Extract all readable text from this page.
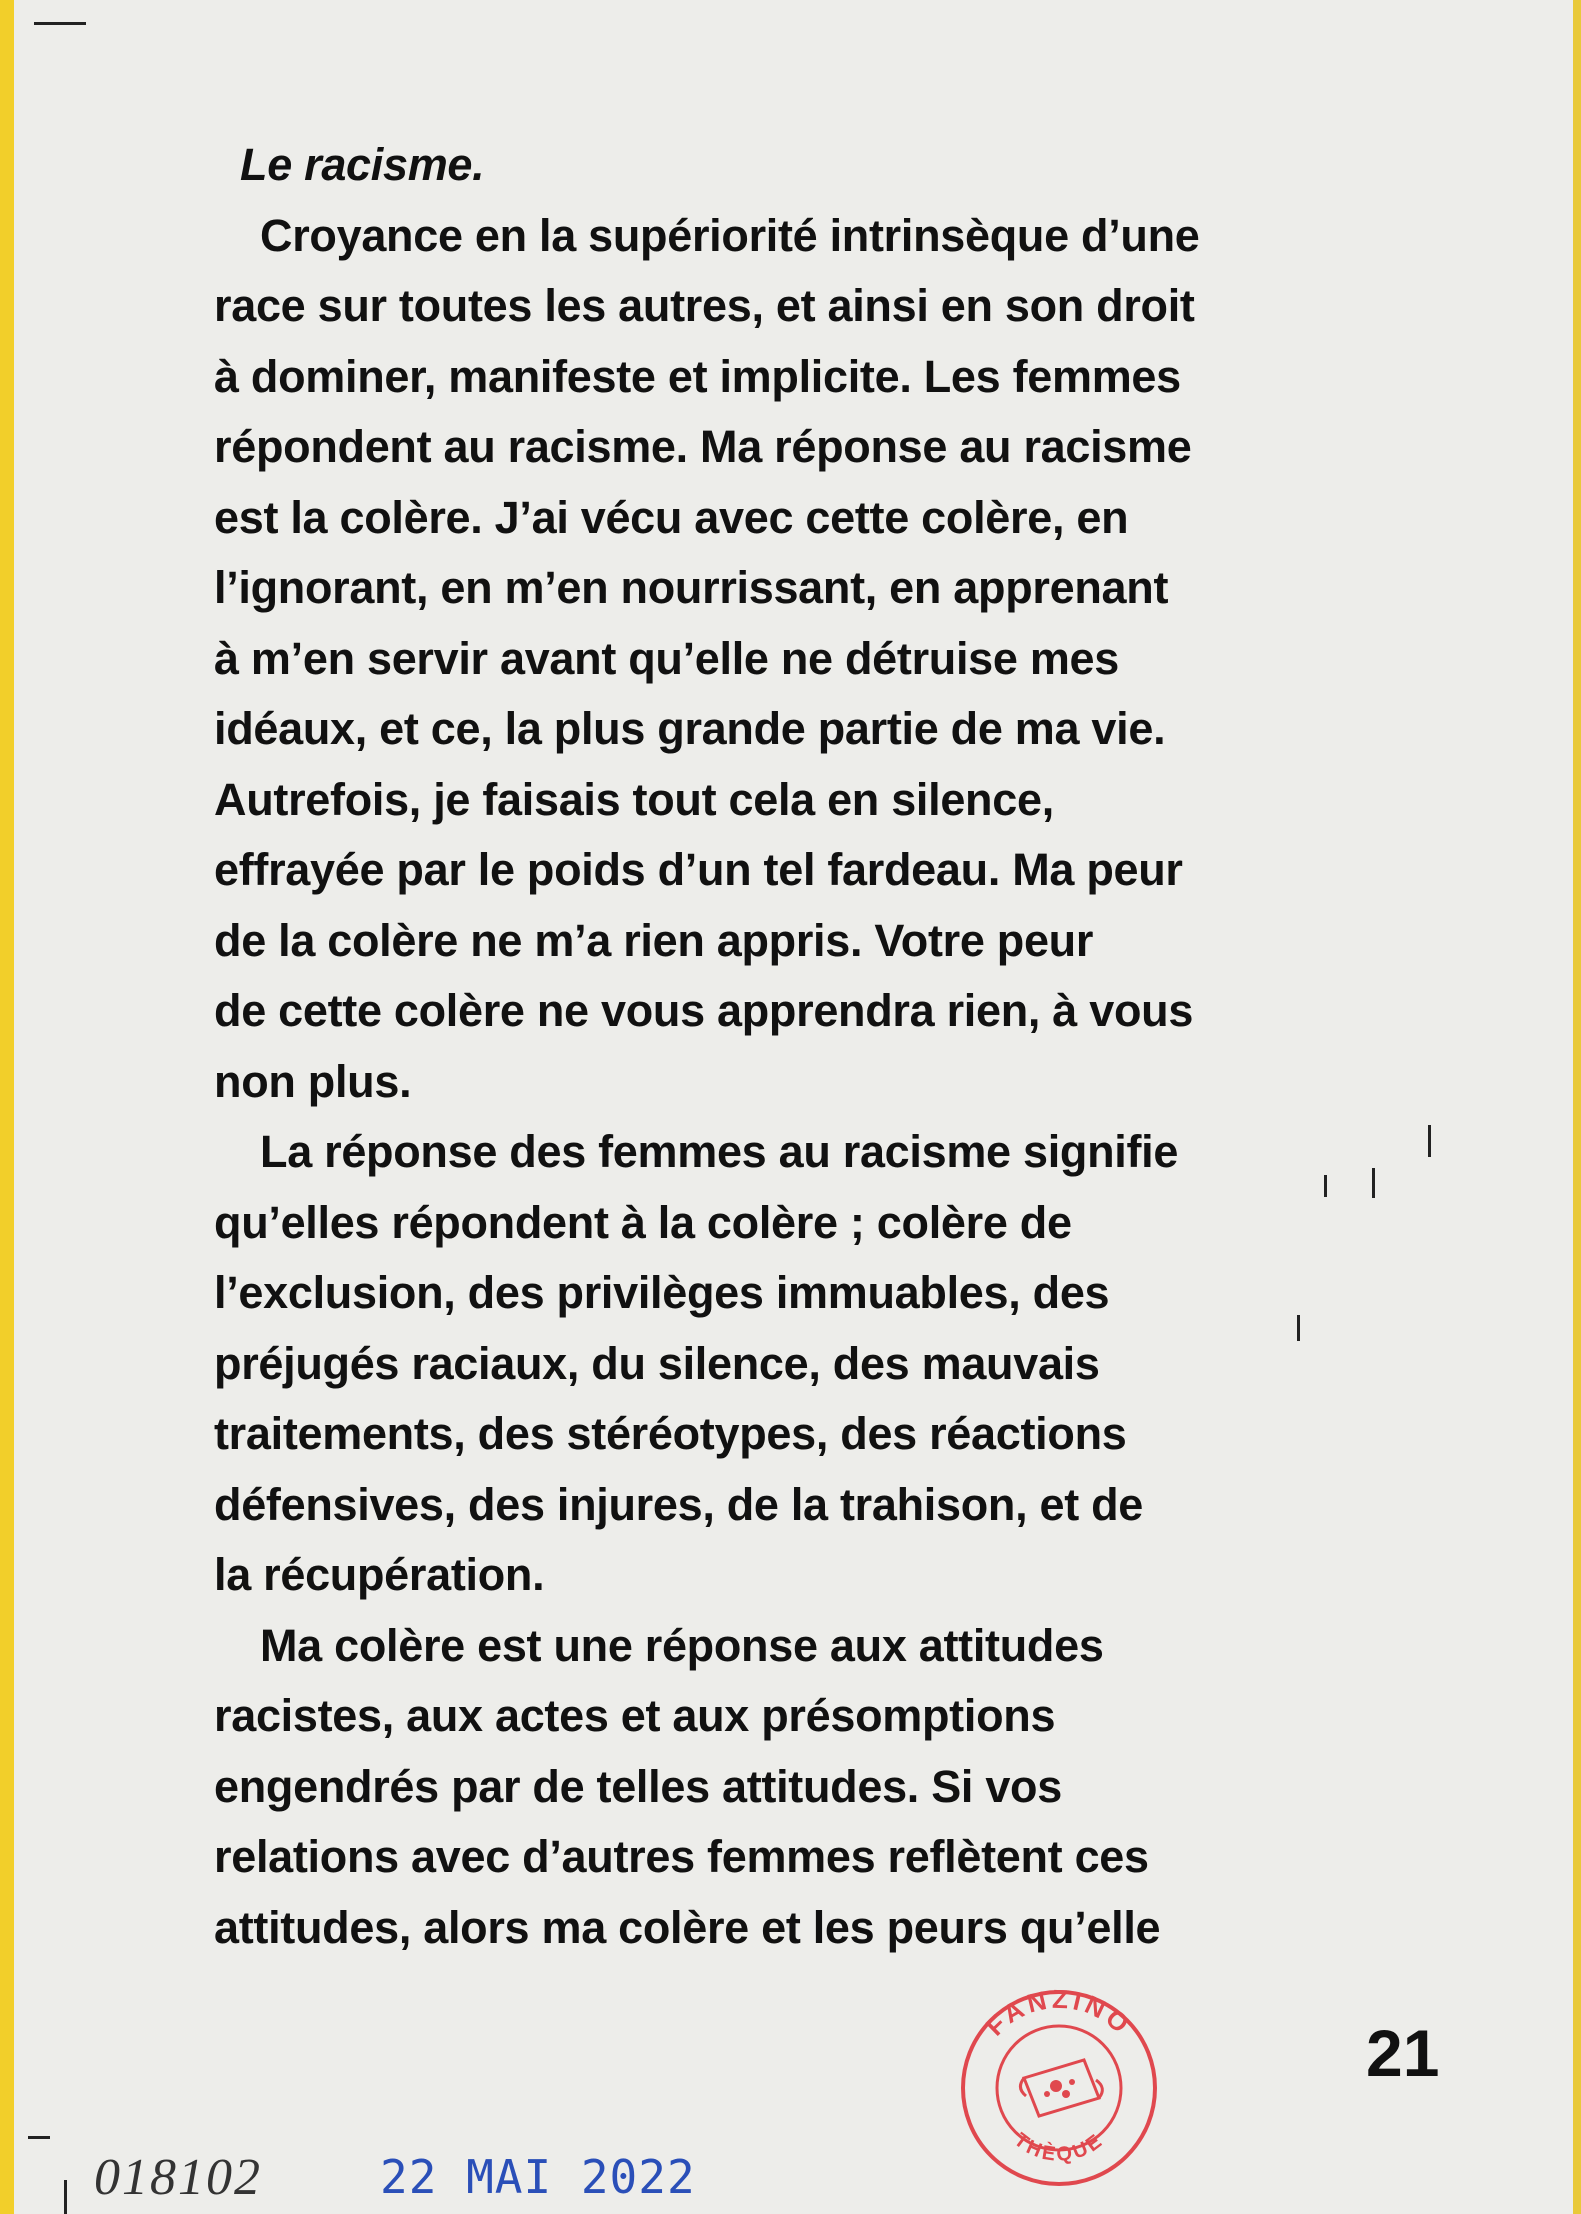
Le racisme.
Croyance en la supériorité intrinsèque d’une
race sur toutes les autres, et ainsi en son droit
à dominer, manifeste et implicite. Les femmes
répondent au racisme. Ma réponse au racisme
est la colère. J’ai vécu avec cette colère, en
l’ignorant, en m’en nourrissant, en apprenant
à m’en servir avant qu’elle ne détruise mes
idéaux, et ce, la plus grande partie de ma vie.
Autrefois, je faisais tout cela en silence,
effrayée par le poids d’un tel fardeau. Ma peur
de la colère ne m’a rien appris. Votre peur
de cette colère ne vous apprendra rien, à vous
non plus.
La réponse des femmes au racisme signifie
qu’elles répondent à la colère ; colère de
l’exclusion, des privilèges immuables, des
préjugés raciaux, du silence, des mauvais
traitements, des stéréotypes, des réactions
défensives, des injures, de la trahison, et de
la récupération.
Ma colère est une réponse aux attitudes
racistes, aux actes et aux présomptions
engendrés par de telles attitudes. Si vos
relations avec d’autres femmes reflètent ces
attitudes, alors ma colère et les peurs qu’elle
21
FANZINO
THÈQUE
018102	22 MAI 2022
